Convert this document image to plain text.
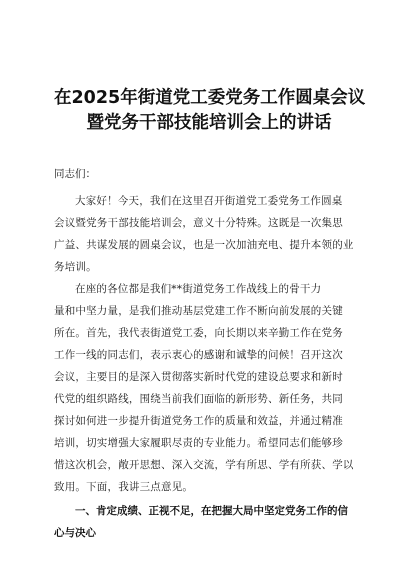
在2025年街道党工委党务工作圆桌会议
暨党务干部技能培训会上的讲话

同志们：

大家好！今天，我们在这里召开街道党工委党务工作圆桌
会议暨党务干部技能培训会，意义十分特殊。这既是一次集思
广益、共谋发展的圆桌会议，也是一次加油充电、提升本领的业
务培训。
在座的各位都是我们**街道党务工作战线上的骨干力
量和中坚力量，是我们推动基层党建工作不断向前发展的关键
所在。首先，我代表街道党工委，向长期以来辛勤工作在党务
工作一线的同志们，表示衷心的感谢和诚挚的问候！召开这次
会议，主要目的是深入贯彻落实新时代党的建设总要求和新时
代党的组织路线，围绕当前我们面临的新形势、新任务，共同
探讨如何进一步提升街道党务工作的质量和效益，并通过精准
培训，切实增强大家履职尽责的专业能力。希望同志们能够珍
惜这次机会，敞开思想、深入交流，学有所思、学有所获、学以
致用。下面，我讲三点意见。
一、肯定成绩、正视不足，在把握大局中坚定党务工作的信
心与决心
